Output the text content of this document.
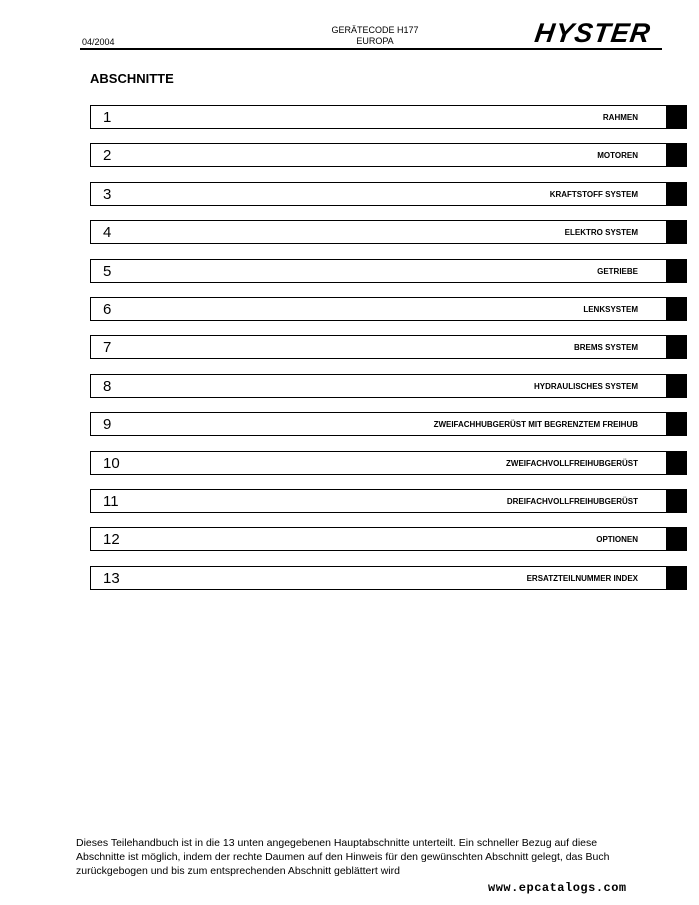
04/2004
GERÄTECODE H177
EUROPA	HYSTER
ABSCHNITTE
1	RAHMEN
2	MOTOREN
3	KRAFTSTOFF SYSTEM
4	ELEKTRO SYSTEM
5	GETRIEBE
6	LENKSYSTEM
7	BREMS SYSTEM
8	HYDRAULISCHES SYSTEM
9	ZWEIFACHHUBGERÜST MIT BEGRENZTEM FREIHUB
10	ZWEIFACHVOLLFREIHUBGERÜST
11	DREIFACHVOLLFREIHUBGERÜST
12	OPTIONEN
13	ERSATZTEILNUMMER INDEX
Dieses Teilehandbuch ist in die 13 unten angegebenen Hauptabschnitte unterteilt. Ein schneller Bezug auf diese
Abschnitte ist möglich, indem der rechte Daumen auf den Hinweis für den gewünschten Abschnitt gelegt, das Buch
zurückgebogen und bis zum entsprechenden Abschnitt geblättert wird
www.epcatalogs.com
